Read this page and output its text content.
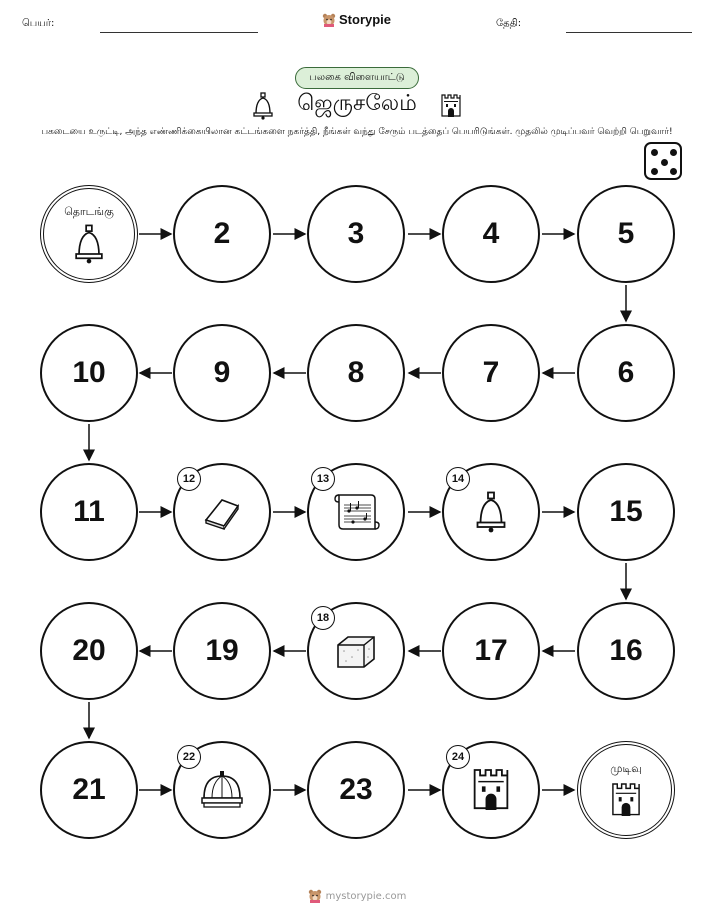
பெயர்:	Storypie	தேதி:
பலகை விளையாட்டு
ஜெருசலேம்
பகடையை உருட்டி, அந்த எண்ணிக்கையிலான கட்டங்களை நகர்த்தி, நீங்கள் வந்து சேரும் படத்தைப் பெயரிடுங்கள். முதலில் முடிப்பவர் வெற்றி பெறுவார்!
தொடங்கு
2	3	4	5
10	9	8	7	6
11
12	13	14
15
20	19
18
17	16
21
22
23
24
முடிவு
mystorypie.com
